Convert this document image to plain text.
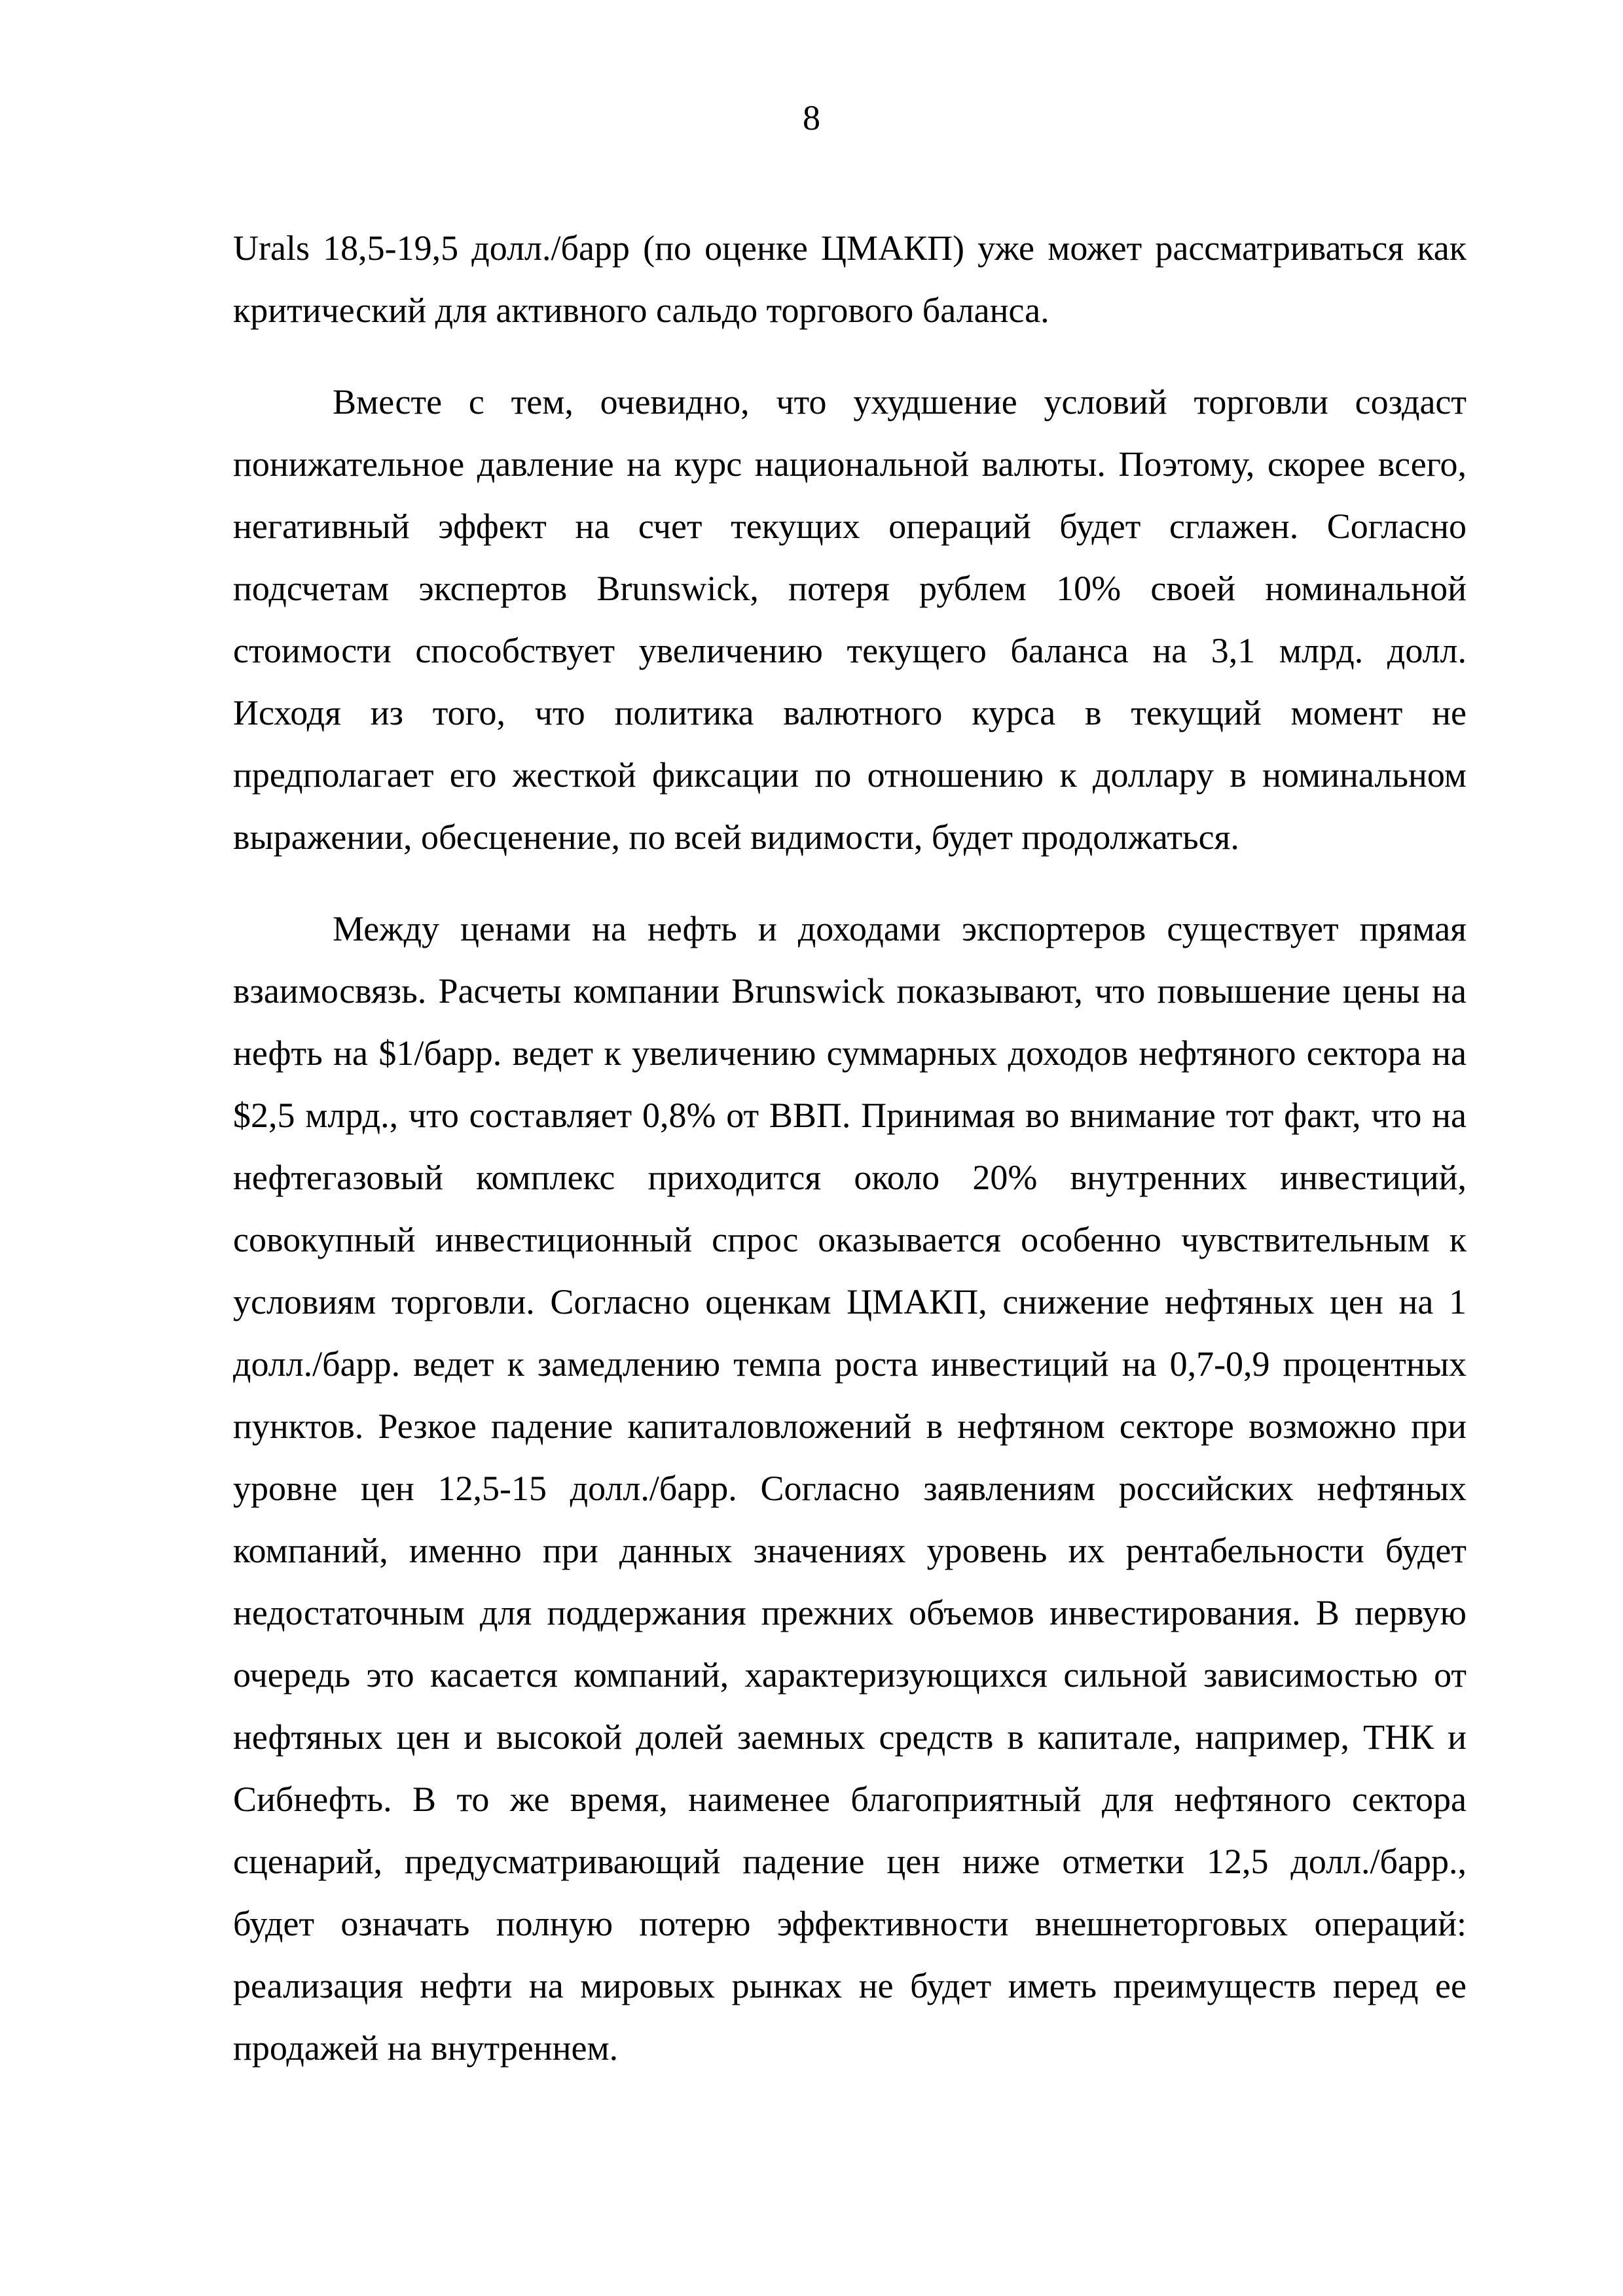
8
Urals 18,5-19,5 долл./барр (по оценке ЦМАКП) уже может рассматриваться как
критический для активного сальдо торгового баланса.
Вместе с тем, очевидно, что ухудшение условий торговли создаст
понижательное давление на курс национальной валюты. Поэтому, скорее всего,
негативный эффект на счет текущих операций будет сглажен. Согласно
подсчетам экспертов Brunswick, потеря рублем 10% своей номинальной
стоимости способствует увеличению текущего баланса на 3,1 млрд. долл.
Исходя из того, что политика валютного курса в текущий момент не
предполагает его жесткой фиксации по отношению к доллару в номинальном
выражении, обесценение, по всей видимости, будет продолжаться.
Между ценами на нефть и доходами экспортеров существует прямая
взаимосвязь. Расчеты компании Brunswick показывают, что повышение цены на
нефть на $1/барр. ведет к увеличению суммарных доходов нефтяного сектора на
$2,5 млрд., что составляет 0,8% от ВВП. Принимая во внимание тот факт, что на
нефтегазовый комплекс приходится около 20% внутренних инвестиций,
совокупный инвестиционный спрос оказывается особенно чувствительным к
условиям торговли. Согласно оценкам ЦМАКП, снижение нефтяных цен на 1
долл./барр. ведет к замедлению темпа роста инвестиций на 0,7-0,9 процентных
пунктов. Резкое падение капиталовложений в нефтяном секторе возможно при
уровне цен 12,5-15 долл./барр. Согласно заявлениям российских нефтяных
компаний, именно при данных значениях уровень их рентабельности будет
недостаточным для поддержания прежних объемов инвестирования. В первую
очередь это касается компаний, характеризующихся сильной зависимостью от
нефтяных цен и высокой долей заемных средств в капитале, например, ТНК и
Сибнефть. В то же время, наименее благоприятный для нефтяного сектора
сценарий, предусматривающий падение цен ниже отметки 12,5 долл./барр.,
будет означать полную потерю эффективности внешнеторговых операций:
реализация нефти на мировых рынках не будет иметь преимуществ перед ее
продажей на внутреннем.
